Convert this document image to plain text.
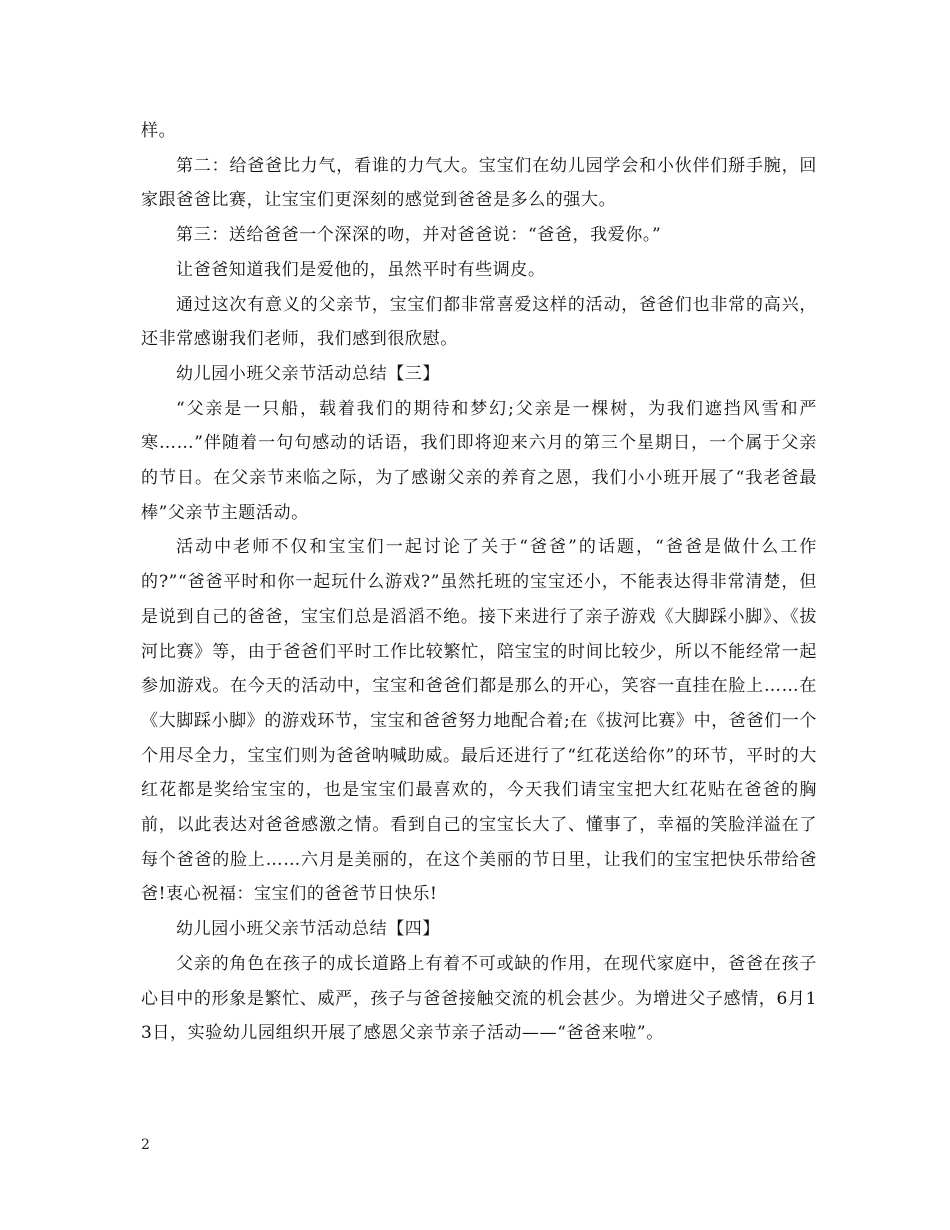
样。

第二：给爸爸比力气，看谁的力气大。宝宝们在幼儿园学会和小伙伴们掰手腕，回家跟爸爸比赛，让宝宝们更深刻的感觉到爸爸是多么的强大。

第三：送给爸爸一个深深的吻，并对爸爸说：“爸爸，我爱你。”

让爸爸知道我们是爱他的，虽然平时有些调皮。

通过这次有意义的父亲节，宝宝们都非常喜爱这样的活动，爸爸们也非常的高兴，还非常感谢我们老师，我们感到很欣慰。

幼儿园小班父亲节活动总结【三】

“父亲是一只船，载着我们的期待和梦幻;父亲是一棵树，为我们遮挡风雪和严寒……”伴随着一句句感动的话语，我们即将迎来六月的第三个星期日，一个属于父亲的节日。在父亲节来临之际，为了感谢父亲的养育之恩，我们小小班开展了“我老爸最棒”父亲节主题活动。

活动中老师不仅和宝宝们一起讨论了关于“爸爸”的话题，“爸爸是做什么工作的?”“爸爸平时和你一起玩什么游戏?”虽然托班的宝宝还小，不能表达得非常清楚，但是说到自己的爸爸，宝宝们总是滔滔不绝。接下来进行了亲子游戏《大脚踩小脚》、《拔河比赛》等，由于爸爸们平时工作比较繁忙，陪宝宝的时间比较少，所以不能经常一起参加游戏。在今天的活动中，宝宝和爸爸们都是那么的开心，笑容一直挂在脸上……在《大脚踩小脚》的游戏环节，宝宝和爸爸努力地配合着;在《拔河比赛》中，爸爸们一个个用尽全力，宝宝们则为爸爸呐喊助威。最后还进行了“红花送给你”的环节，平时的大红花都是奖给宝宝的，也是宝宝们最喜欢的，今天我们请宝宝把大红花贴在爸爸的胸前，以此表达对爸爸感激之情。看到自己的宝宝长大了、懂事了，幸福的笑脸洋溢在了每个爸爸的脸上……六月是美丽的，在这个美丽的节日里，让我们的宝宝把快乐带给爸爸!衷心祝福：宝宝们的爸爸节日快乐!

幼儿园小班父亲节活动总结【四】

父亲的角色在孩子的成长道路上有着不可或缺的作用，在现代家庭中，爸爸在孩子心目中的形象是繁忙、威严，孩子与爸爸接触交流的机会甚少。为增进父子感情，6月13日，实验幼儿园组织开展了感恩父亲节亲子活动——“爸爸来啦”。

2
